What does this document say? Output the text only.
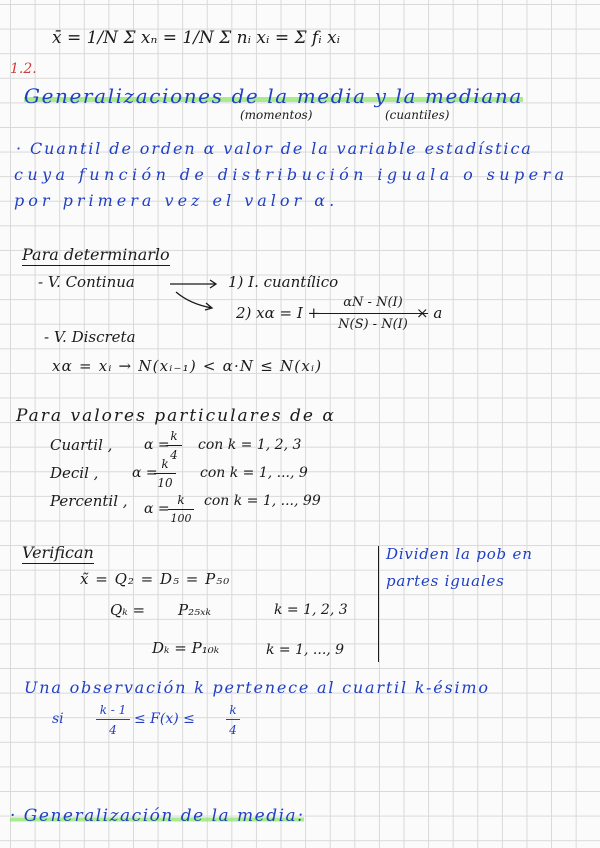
x̄ = 1/N Σ xₙ = 1/N Σ nᵢ xᵢ = Σ fᵢ xᵢ
1.2.
Generalizaciones de la media y la mediana
(momentos)	(cuantiles)
· Cuantil de orden α valor de la variable estadística
cuya función de distribución iguala o supera
por primera vez el valor α.
Para determinarlo
- V. Continua	1) I. cuantílico
2) xα = I +
αN - N(I)
N(S) - N(I)
× a
- V. Discreta
xα = xᵢ → N(xᵢ₋₁) < α·N ≤ N(xᵢ)
Para valores particulares de α
Cuartil , α =
k
4
con k = 1, 2, 3
Decil , α =
k
10
con k = 1, ..., 9
Percentil , α =
k
100
con k = 1, ..., 99
Verifican
x̃ = Q₂ = D₅ = P₅₀
Qₖ = P₂₅ₓₖ	k = 1, 2, 3
Dₖ = P₁₀ₖ	k = 1, ..., 9
Dividen la pob en
partes iguales
Una observación k pertenece al cuartil k-ésimo
si
k - 1
4
≤ F(x) ≤
k
4
· Generalización de la media:
